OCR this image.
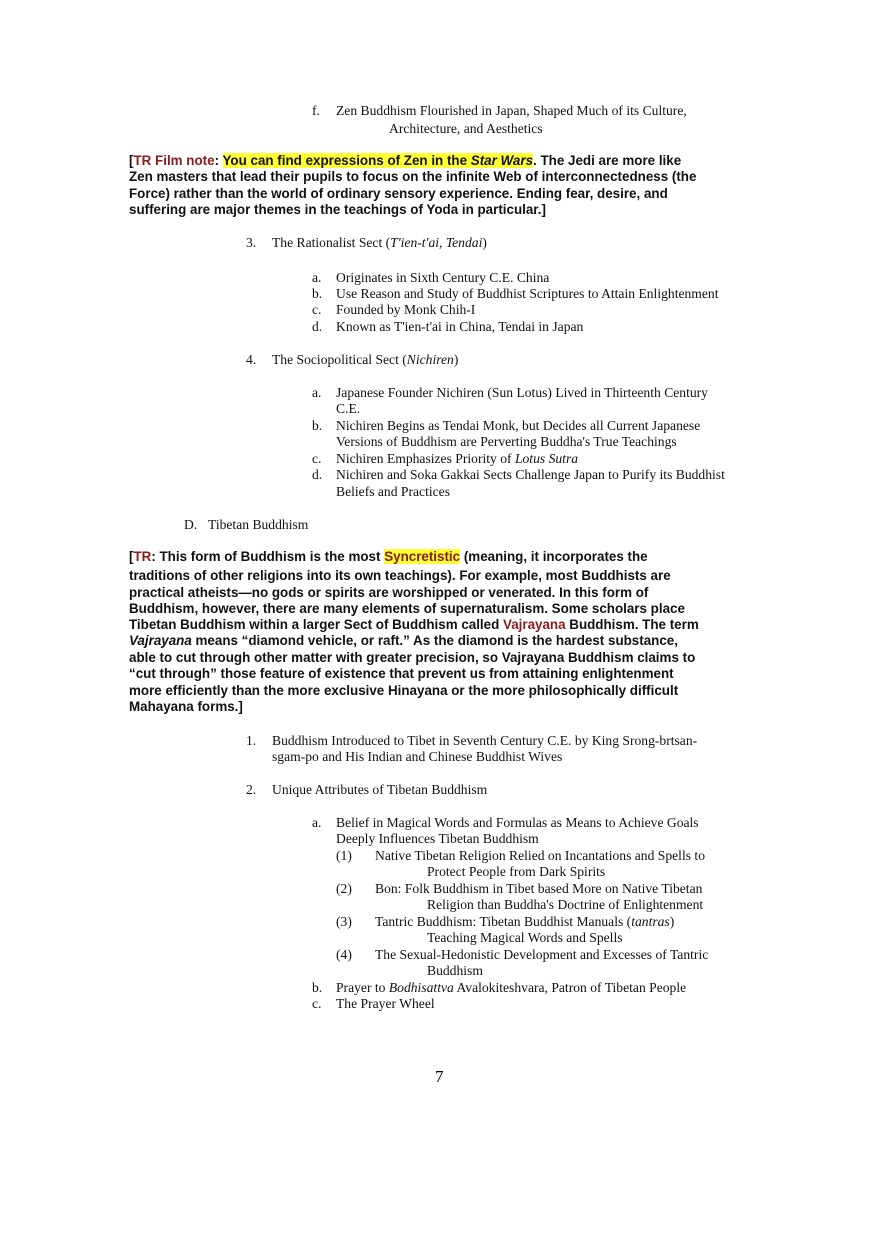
f. Zen Buddhism Flourished in Japan, Shaped Much of its Culture,
Architecture, and Aesthetics
[TR Film note: You can find expressions of Zen in the Star Wars. The Jedi are more like
Zen masters that lead their pupils to focus on the infinite Web of interconnectedness (the
Force) rather than the world of ordinary sensory experience. Ending fear, desire, and
suffering are major themes in the teachings of Yoda in particular.]
3. The Rationalist Sect (T'ien-t'ai, Tendai)
a. Originates in Sixth Century C.E. China
b. Use Reason and Study of Buddhist Scriptures to Attain Enlightenment
c. Founded by Monk Chih-I
d. Known as T'ien-t'ai in China, Tendai in Japan
4. The Sociopolitical Sect (Nichiren)
a. Japanese Founder Nichiren (Sun Lotus) Lived in Thirteenth Century
C.E.
b. Nichiren Begins as Tendai Monk, but Decides all Current Japanese
Versions of Buddhism are Perverting Buddha's True Teachings
c. Nichiren Emphasizes Priority of Lotus Sutra
d. Nichiren and Soka Gakkai Sects Challenge Japan to Purify its Buddhist
Beliefs and Practices
D. Tibetan Buddhism
[TR: This form of Buddhism is the most Syncretistic (meaning, it incorporates the
traditions of other religions into its own teachings). For example, most Buddhists are
practical atheists—no gods or spirits are worshipped or venerated. In this form of
Buddhism, however, there are many elements of supernaturalism. Some scholars place
Tibetan Buddhism within a larger Sect of Buddhism called Vajrayana Buddhism. The term
Vajrayana means “diamond vehicle, or raft.” As the diamond is the hardest substance,
able to cut through other matter with greater precision, so Vajrayana Buddhism claims to
“cut through” those feature of existence that prevent us from attaining enlightenment
more efficiently than the more exclusive Hinayana or the more philosophically difficult
Mahayana forms.]
1. Buddhism Introduced to Tibet in Seventh Century C.E. by King Srong-brtsan-
sgam-po and His Indian and Chinese Buddhist Wives
2. Unique Attributes of Tibetan Buddhism
a. Belief in Magical Words and Formulas as Means to Achieve Goals
Deeply Influences Tibetan Buddhism
(1) Native Tibetan Religion Relied on Incantations and Spells to
Protect People from Dark Spirits
(2) Bon: Folk Buddhism in Tibet based More on Native Tibetan
Religion than Buddha's Doctrine of Enlightenment
(3) Tantric Buddhism: Tibetan Buddhist Manuals (tantras)
Teaching Magical Words and Spells
(4) The Sexual-Hedonistic Development and Excesses of Tantric
Buddhism
b. Prayer to Bodhisattva Avalokiteshvara, Patron of Tibetan People
c. The Prayer Wheel
7
